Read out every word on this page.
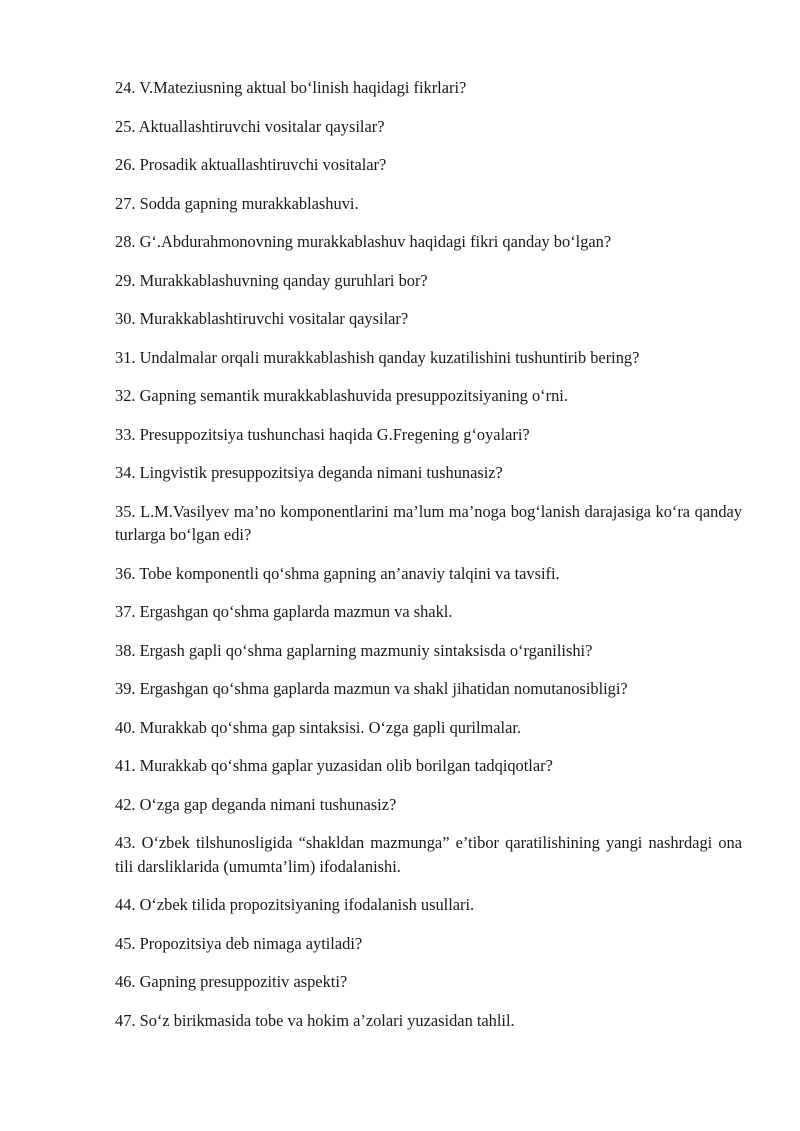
24. V.Mateziusning aktual bo‘linish haqidagi fikrlari?
25. Aktuallashtiruvchi vositalar qaysilar?
26. Prosadik aktuallashtiruvchi vositalar?
27. Sodda gapning murakkablashuvi.
28. G‘.Abdurahmonovning murakkablashuv haqidagi fikri qanday bo‘lgan?
29. Murakkablashuvning qanday guruhlari bor?
30. Murakkablashtiruvchi vositalar qaysilar?
31. Undalmalar orqali murakkablashish qanday kuzatilishini tushuntirib bering?
32. Gapning semantik murakkablashuvida presuppozitsiyaning o‘rni.
33. Presuppozitsiya tushunchasi haqida G.Fregening g‘oyalari?
34. Lingvistik presuppozitsiya deganda nimani tushunasiz?
35. L.M.Vasilyev ma’no komponentlarini ma’lum ma’noga bog‘lanish darajasiga ko‘ra qanday turlarga bo‘lgan edi?
36. Tobe komponentli qo‘shma gapning an’anaviy talqini va tavsifi.
37. Ergashgan qo‘shma gaplarda mazmun va shakl.
38. Ergash gapli qo‘shma gaplarning mazmuniy sintaksisda o‘rganilishi?
39. Ergashgan qo‘shma gaplarda mazmun va shakl jihatidan nomutanosibligi?
40. Murakkab qo‘shma gap sintaksisi. O‘zga gapli qurilmalar.
41. Murakkab qo‘shma gaplar yuzasidan olib borilgan tadqiqotlar?
42. O‘zga gap deganda nimani tushunasiz?
43. O‘zbek tilshunosligida “shakldan mazmunga” e’tibor qaratilishining yangi nashrdagi ona tili darsliklarida (umumta’lim) ifodalanishi.
44. O‘zbek tilida propozitsiyaning ifodalanish usullari.
45. Propozitsiya deb nimaga aytiladi?
46. Gapning presuppozitiv aspekti?
47. So‘z birikmasida tobe va hokim a’zolari yuzasidan tahlil.
